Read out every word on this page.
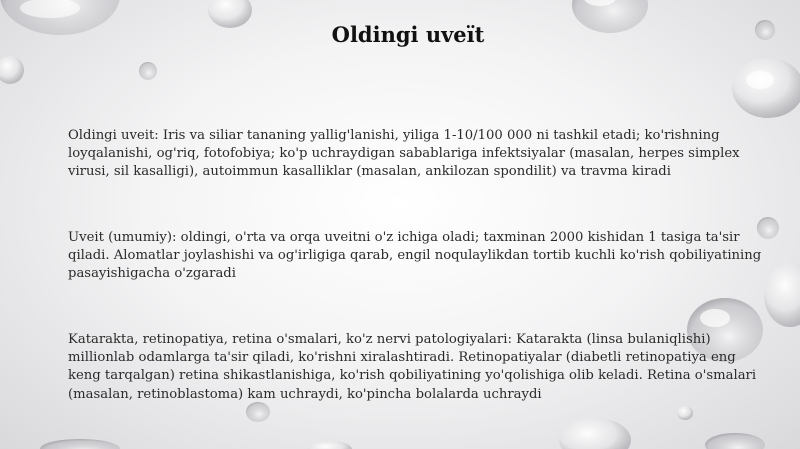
Oldingi uveït

Oldingi uveit: Iris va siliar tananing yallig'lanishi, yiliga 1-10/100 000 ni tashkil etadi; ko'rishning loyqalanishi, og'riq, fotofobiya; ko'p uchraydigan sabablariga infektsiyalar (masalan, herpes simplex virusi, sil kasalligi), autoimmun kasalliklar (masalan, ankilozan spondilit) va travma kiradi

Uveit (umumiy): oldingi, o'rta va orqa uveitni o'z ichiga oladi; taxminan 2000 kishidan 1 tasiga ta'sir qiladi. Alomatlar joylashishi va og'irligiga qarab, engil noqulaylikdan tortib kuchli ko'rish qobiliyatining pasayishigacha o'zgaradi

Katarakta, retinopatiya, retina o'smalari, ko'z nervi patologiyalari: Katarakta (linsa bulaniqlishi) millionlab odamlarga ta'sir qiladi, ko'rishni xiralashtiradi. Retinopatiyalar (diabetli retinopatiya eng keng tarqalgan) retina shikastlanishiga, ko'rish qobiliyatining yo'qolishiga olib keladi. Retina o'smalari (masalan, retinoblastoma) kam uchraydi, ko'pincha bolalarda uchraydi
